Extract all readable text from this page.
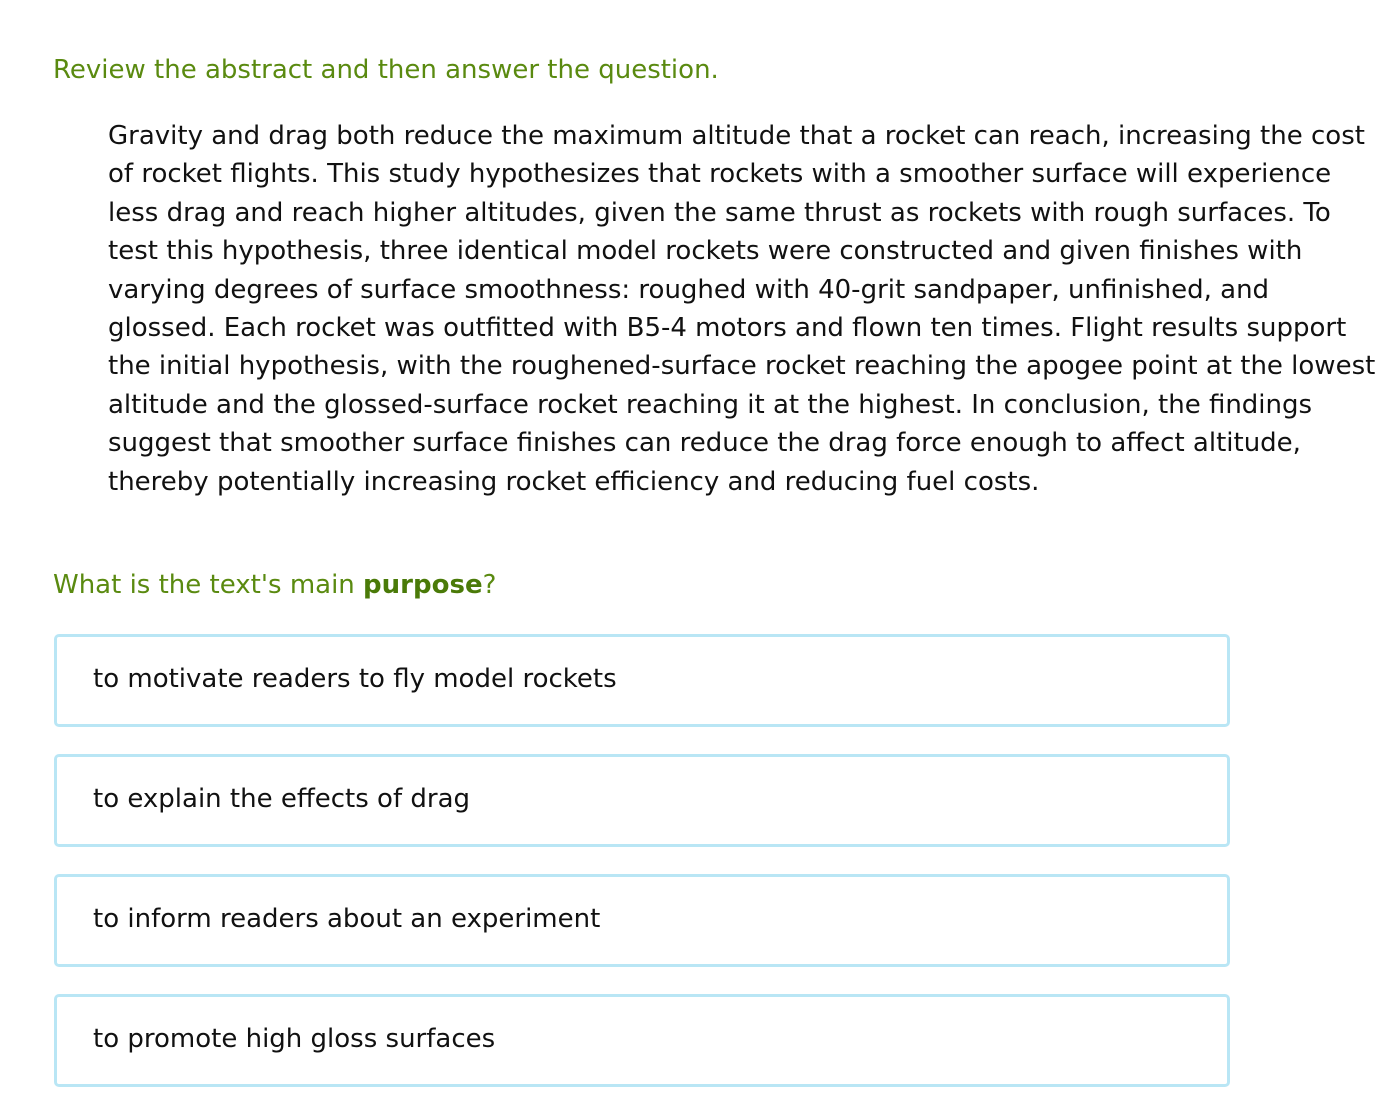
Review the abstract and then answer the question.

Gravity and drag both reduce the maximum altitude that a rocket can reach, increasing the cost of rocket flights. This study hypothesizes that rockets with a smoother surface will experience less drag and reach higher altitudes, given the same thrust as rockets with rough surfaces. To test this hypothesis, three identical model rockets were constructed and given finishes with varying degrees of surface smoothness: roughed with 40-grit sandpaper, unfinished, and glossed. Each rocket was outfitted with B5-4 motors and flown ten times. Flight results support the initial hypothesis, with the roughened-surface rocket reaching the apogee point at the lowest altitude and the glossed-surface rocket reaching it at the highest. In conclusion, the findings suggest that smoother surface finishes can reduce the drag force enough to affect altitude, thereby potentially increasing rocket efficiency and reducing fuel costs.

What is the text's main purpose?
to motivate readers to fly model rockets
to explain the effects of drag
to inform readers about an experiment
to promote high gloss surfaces
